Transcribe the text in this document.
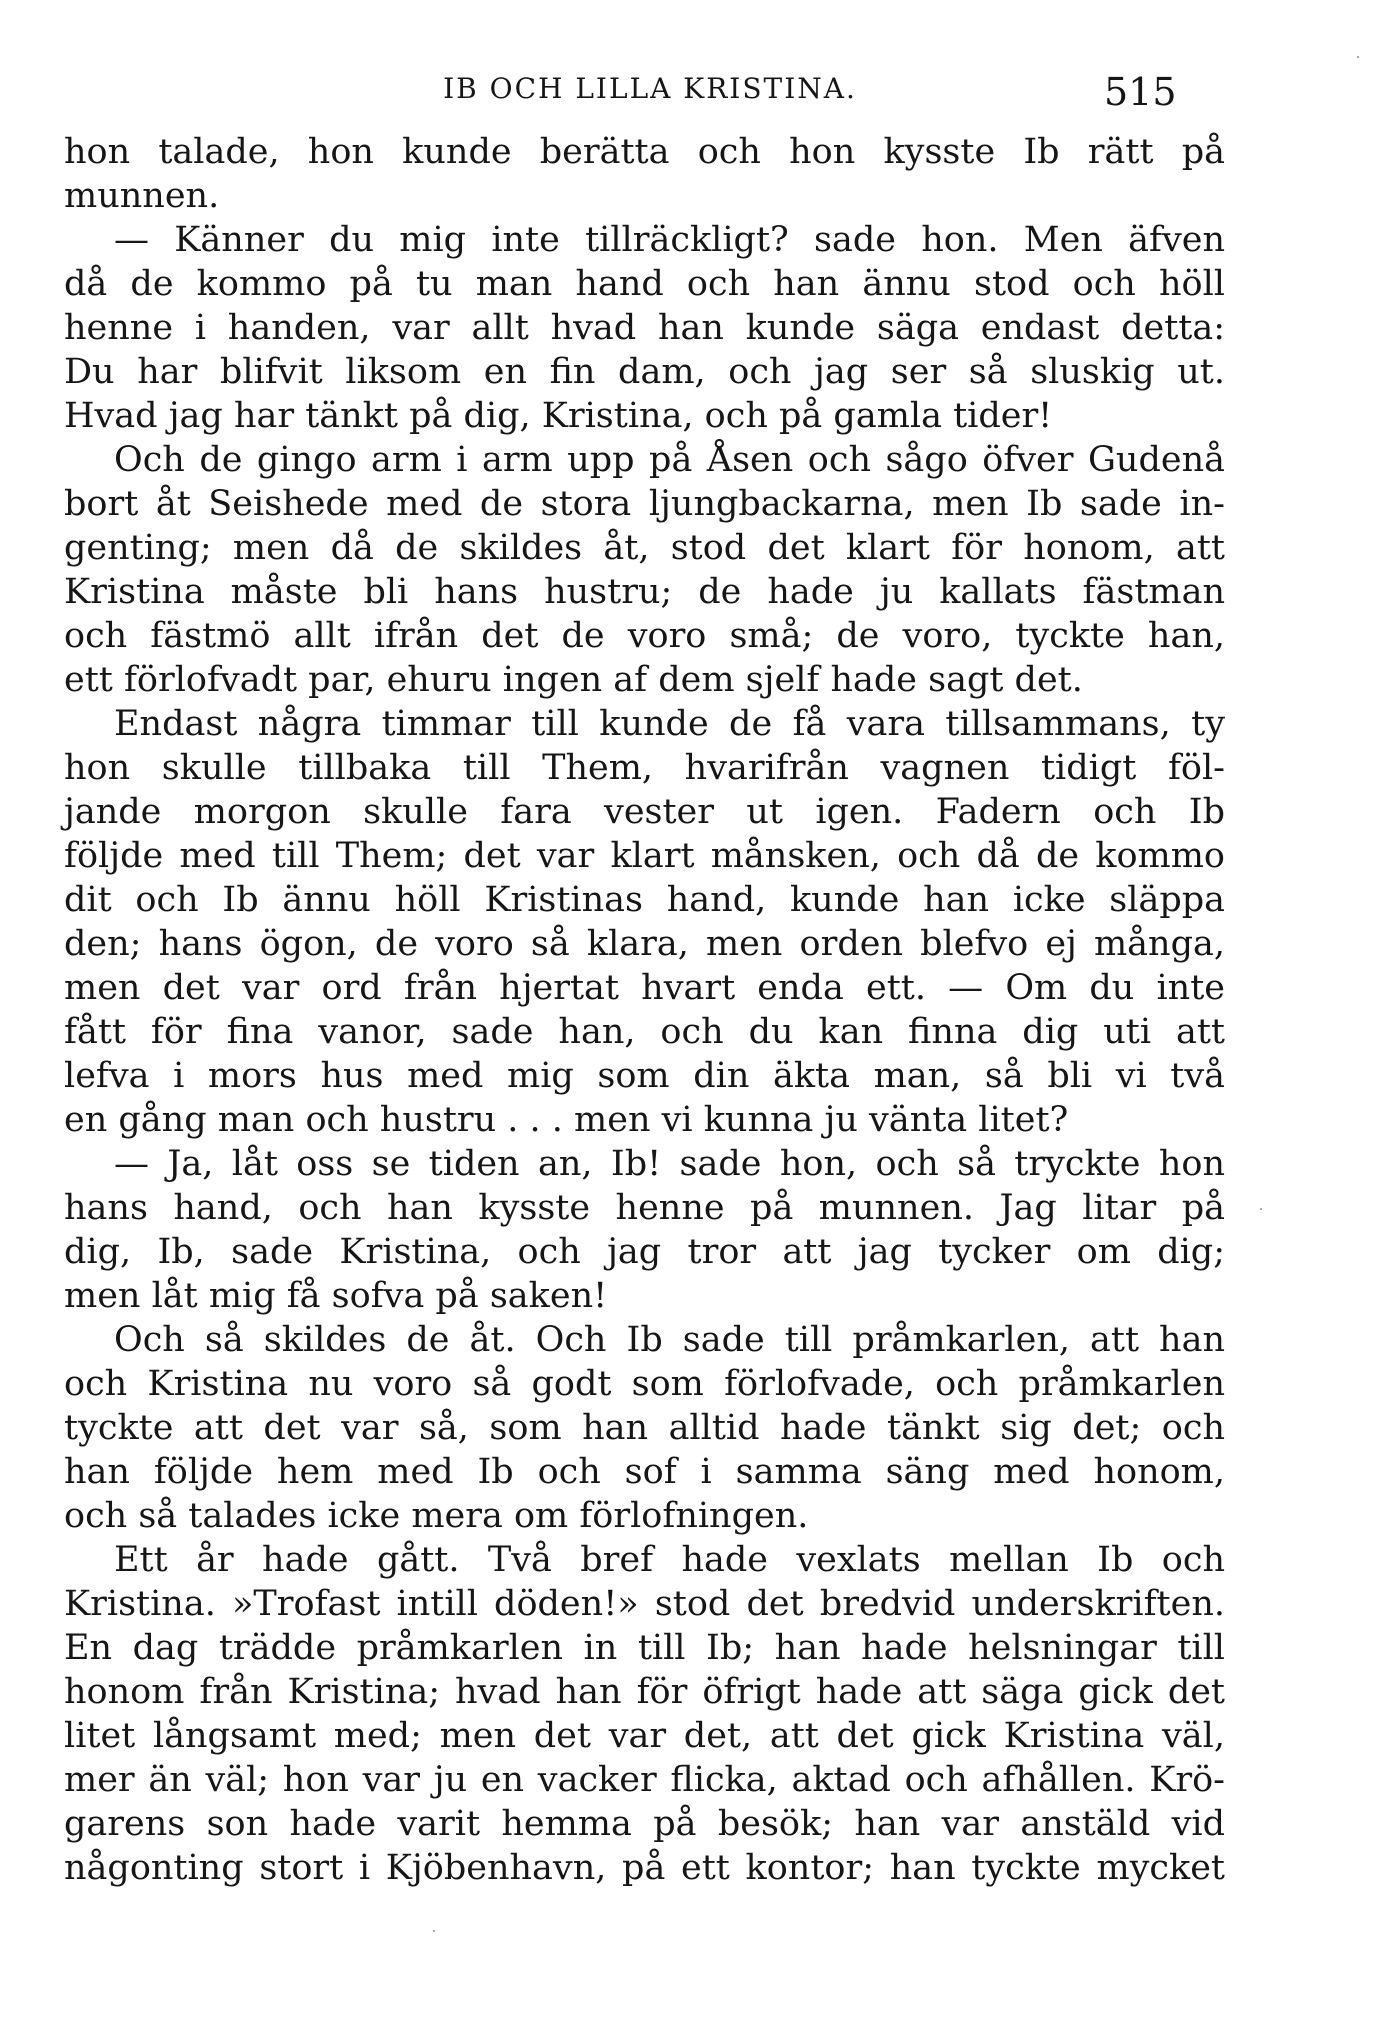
IB OCH LILLA KRISTINA.	515
hon talade, hon kunde berätta och hon kysste Ib rätt på
munnen.
— Känner du mig inte tillräckligt? sade hon. Men äfven
då de kommo på tu man hand och han ännu stod och höll
henne i handen, var allt hvad han kunde säga endast detta:
Du har blifvit liksom en fin dam, och jag ser så sluskig ut.
Hvad jag har tänkt på dig, Kristina, och på gamla tider!
Och de gingo arm i arm upp på Åsen och sågo öfver Gudenå
bort åt Seishede med de stora ljungbackarna, men Ib sade in-
genting; men då de skildes åt, stod det klart för honom, att
Kristina måste bli hans hustru; de hade ju kallats fästman
och fästmö allt ifrån det de voro små; de voro, tyckte han,
ett förlofvadt par, ehuru ingen af dem sjelf hade sagt det.
Endast några timmar till kunde de få vara tillsammans, ty
hon skulle tillbaka till Them, hvarifrån vagnen tidigt föl-
jande morgon skulle fara vester ut igen. Fadern och Ib
följde med till Them; det var klart månsken, och då de kommo
dit och Ib ännu höll Kristinas hand, kunde han icke släppa
den; hans ögon, de voro så klara, men orden blefvo ej många,
men det var ord från hjertat hvart enda ett. — Om du inte
fått för fina vanor, sade han, och du kan finna dig uti att
lefva i mors hus med mig som din äkta man, så bli vi två
en gång man och hustru . . . men vi kunna ju vänta litet?
— Ja, låt oss se tiden an, Ib! sade hon, och så tryckte hon
hans hand, och han kysste henne på munnen. Jag litar på
dig, Ib, sade Kristina, och jag tror att jag tycker om dig;
men låt mig få sofva på saken!
Och så skildes de åt. Och Ib sade till pråmkarlen, att han
och Kristina nu voro så godt som förlofvade, och pråmkarlen
tyckte att det var så, som han alltid hade tänkt sig det; och
han följde hem med Ib och sof i samma säng med honom,
och så talades icke mera om förlofningen.
Ett år hade gått. Två bref hade vexlats mellan Ib och
Kristina. »Trofast intill döden!» stod det bredvid underskriften.
En dag trädde pråmkarlen in till Ib; han hade helsningar till
honom från Kristina; hvad han för öfrigt hade att säga gick det
litet långsamt med; men det var det, att det gick Kristina väl,
mer än väl; hon var ju en vacker flicka, aktad och afhållen. Krö-
garens son hade varit hemma på besök; han var anstäld vid
någonting stort i Kjöbenhavn, på ett kontor; han tyckte mycket
